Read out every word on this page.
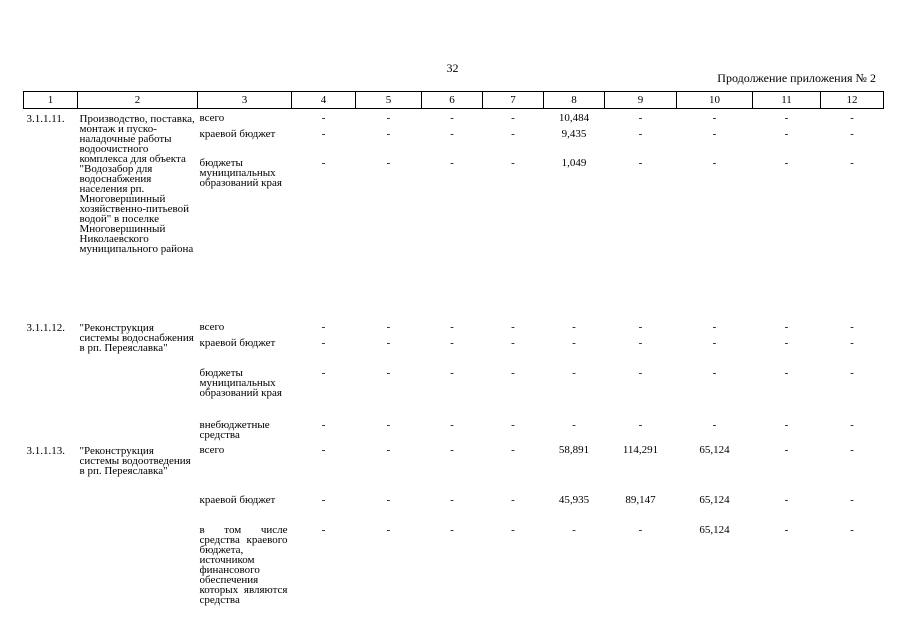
32
Продолжение приложения № 2
1	2	3	4	5	6	7	8	9	10	11	12
3.1.1.11.	Производство, поставка, монтаж и пуско-наладочные работы водоочистного комплекса для объекта "Водозабор для водоснабжения населения рп. Многовершинный хозяйственно-питьевой водой" в поселке Многовершинный Николаевского муниципального района	всего	-	-	-	-	10,484	-	-	-	-
		краевой бюджет	-	-	-	-	9,435	-	-	-	-
		бюджеты муниципальных образований края	-	-	-	-	1,049	-	-	-	-
3.1.1.12.	"Реконструкция системы водоснабжения в рп. Переяславка"	всего	-	-	-	-	-	-	-	-	-
		краевой бюджет	-	-	-	-	-	-	-	-	-
		бюджеты муниципальных образований края	-	-	-	-	-	-	-	-	-
		внебюджетные средства	-	-	-	-	-	-	-	-	-
3.1.1.13.	"Реконструкция системы водоотведения в рп. Переяславка"	всего	-	-	-	-	58,891	114,291	65,124	-	-
		краевой бюджет	-	-	-	-	45,935	89,147	65,124	-	-
		в том числе средства краевого бюджета, источником финансового обеспечения которых являются средства	-	-	-	-	-	-	65,124	-	-
